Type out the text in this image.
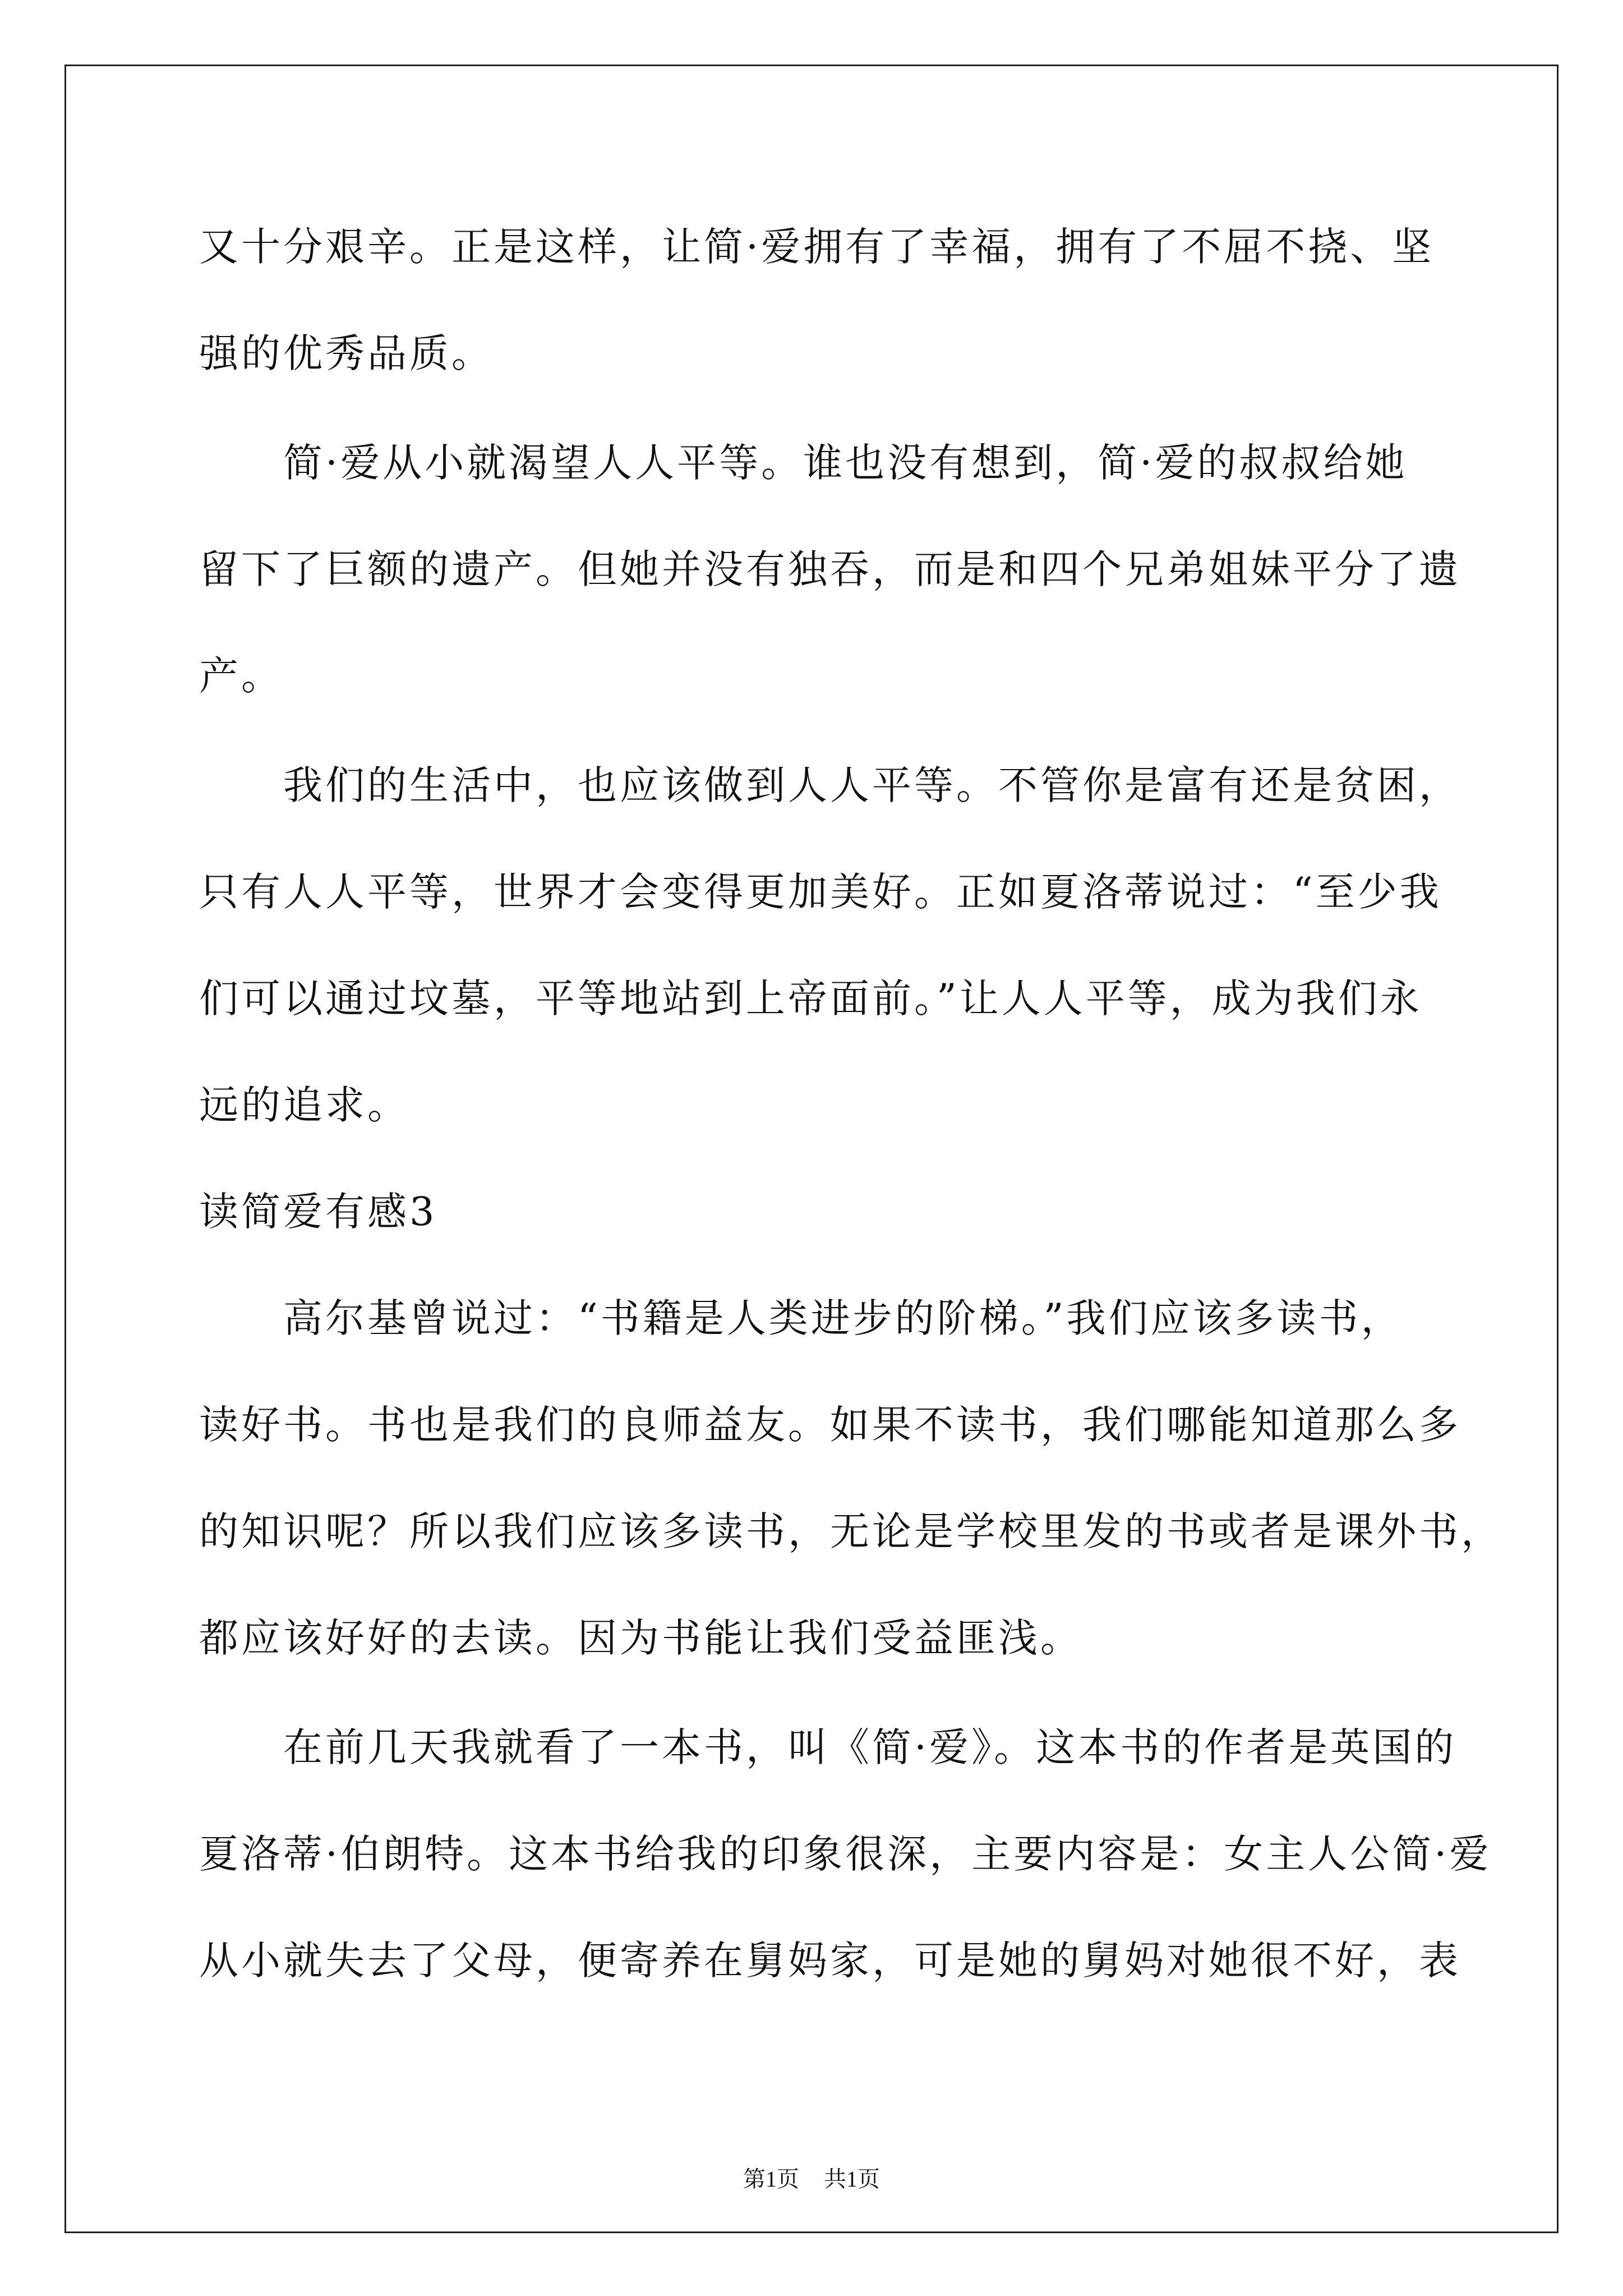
又十分艰辛。正是这样，让简·爱拥有了幸福，拥有了不屈不挠、坚
强的优秀品质。
简·爱从小就渴望人人平等。谁也没有想到，简·爱的叔叔给她
留下了巨额的遗产。但她并没有独吞，而是和四个兄弟姐妹平分了遗
产。
我们的生活中，也应该做到人人平等。不管你是富有还是贫困，
只有人人平等，世界才会变得更加美好。正如夏洛蒂说过：“至少我
们可以通过坟墓，平等地站到上帝面前。”让人人平等，成为我们永
远的追求。
读简爱有感3
高尔基曾说过：“书籍是人类进步的阶梯。”我们应该多读书，
读好书。书也是我们的良师益友。如果不读书，我们哪能知道那么多
的知识呢？所以我们应该多读书，无论是学校里发的书或者是课外书，
都应该好好的去读。因为书能让我们受益匪浅。
在前几天我就看了一本书，叫《简·爱》。这本书的作者是英国的
夏洛蒂·伯朗特。这本书给我的印象很深，主要内容是：女主人公简·爱
从小就失去了父母，便寄养在舅妈家，可是她的舅妈对她很不好，表
第1页 共1页
